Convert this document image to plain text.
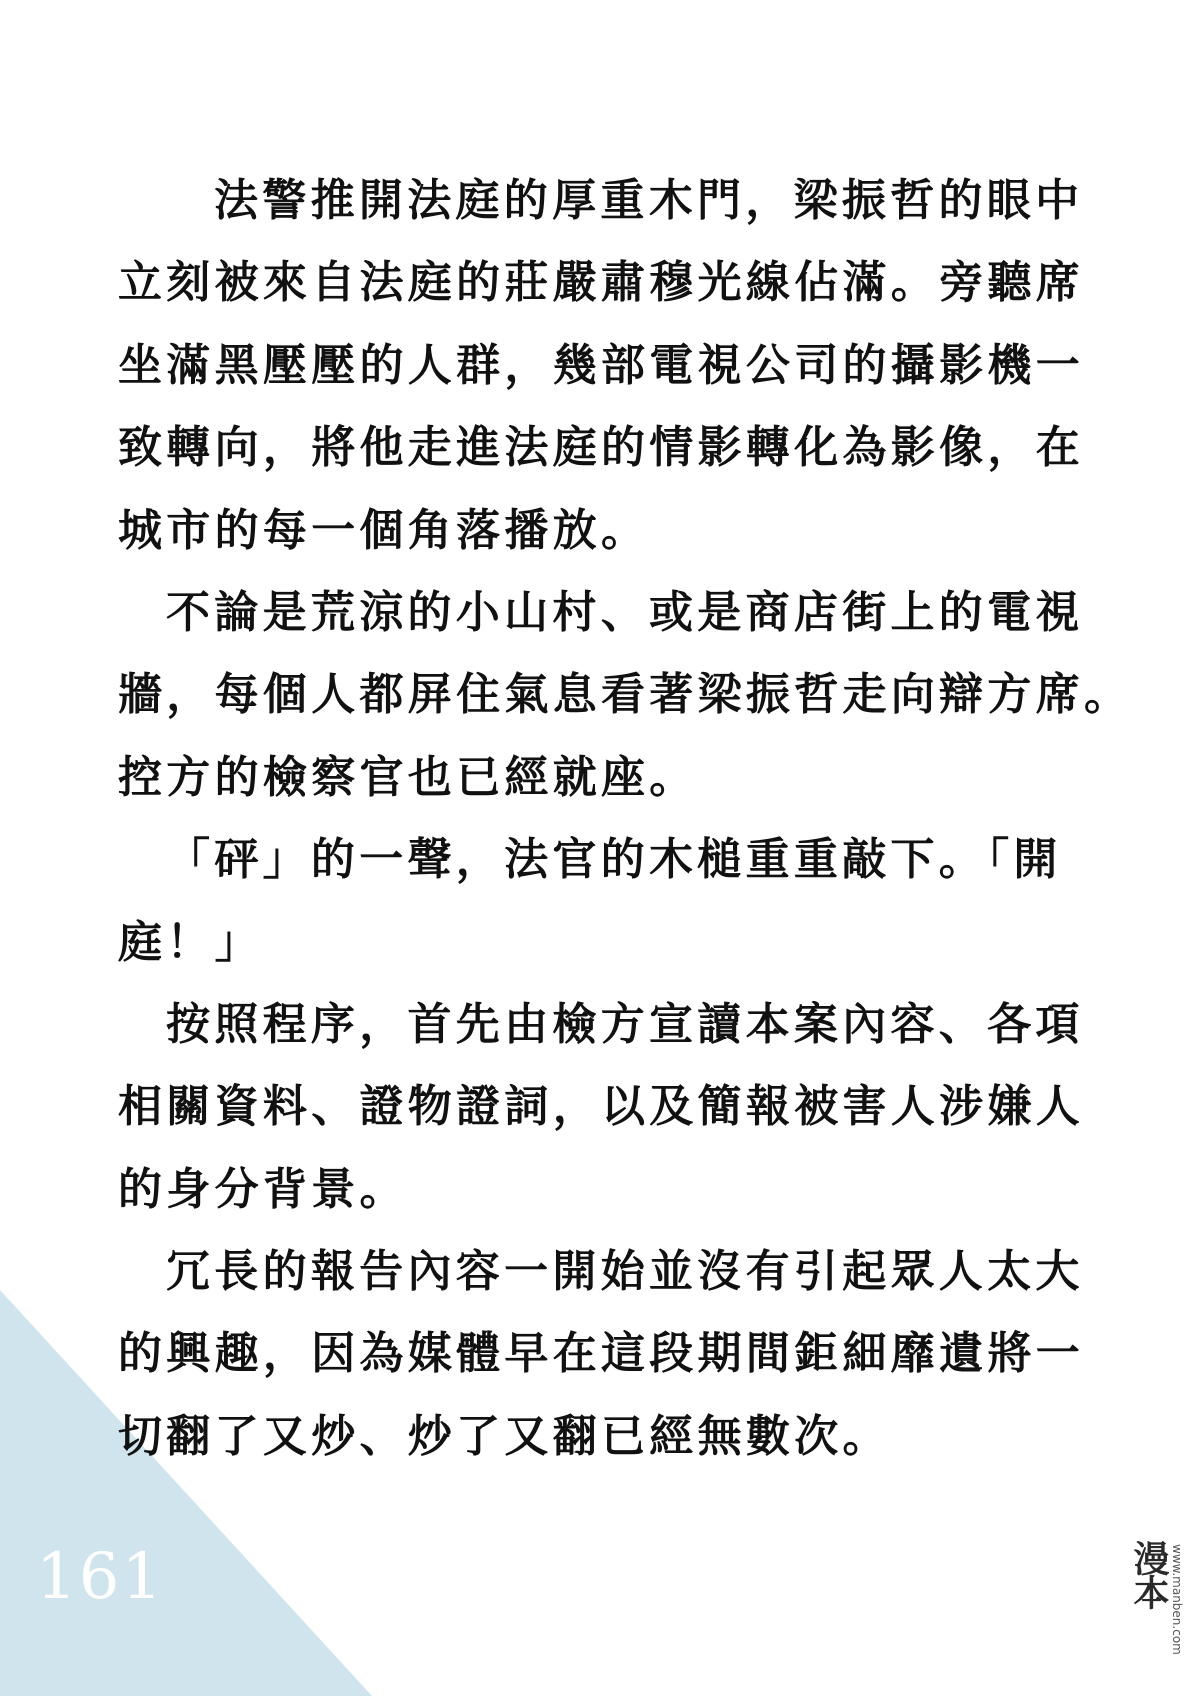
法警推開法庭的厚重木門，梁振哲的眼中
立刻被來自法庭的莊嚴肅穆光線佔滿。旁聽席
坐滿黑壓壓的人群，幾部電視公司的攝影機一
致轉向，將他走進法庭的情影轉化為影像，在
城市的每一個角落播放。
不論是荒涼的小山村、或是商店街上的電視
牆，每個人都屏住氣息看著梁振哲走向辯方席。
控方的檢察官也已經就座。
「砰」的一聲，法官的木槌重重敲下。「開
庭！」
按照程序，首先由檢方宣讀本案內容、各項
相關資料、證物證詞，以及簡報被害人涉嫌人
的身分背景。
冗長的報告內容一開始並沒有引起眾人太大
的興趣，因為媒體早在這段期間鉅細靡遺將一
切翻了又炒、炒了又翻已經無數次。
161	漫本 www.manben.com
